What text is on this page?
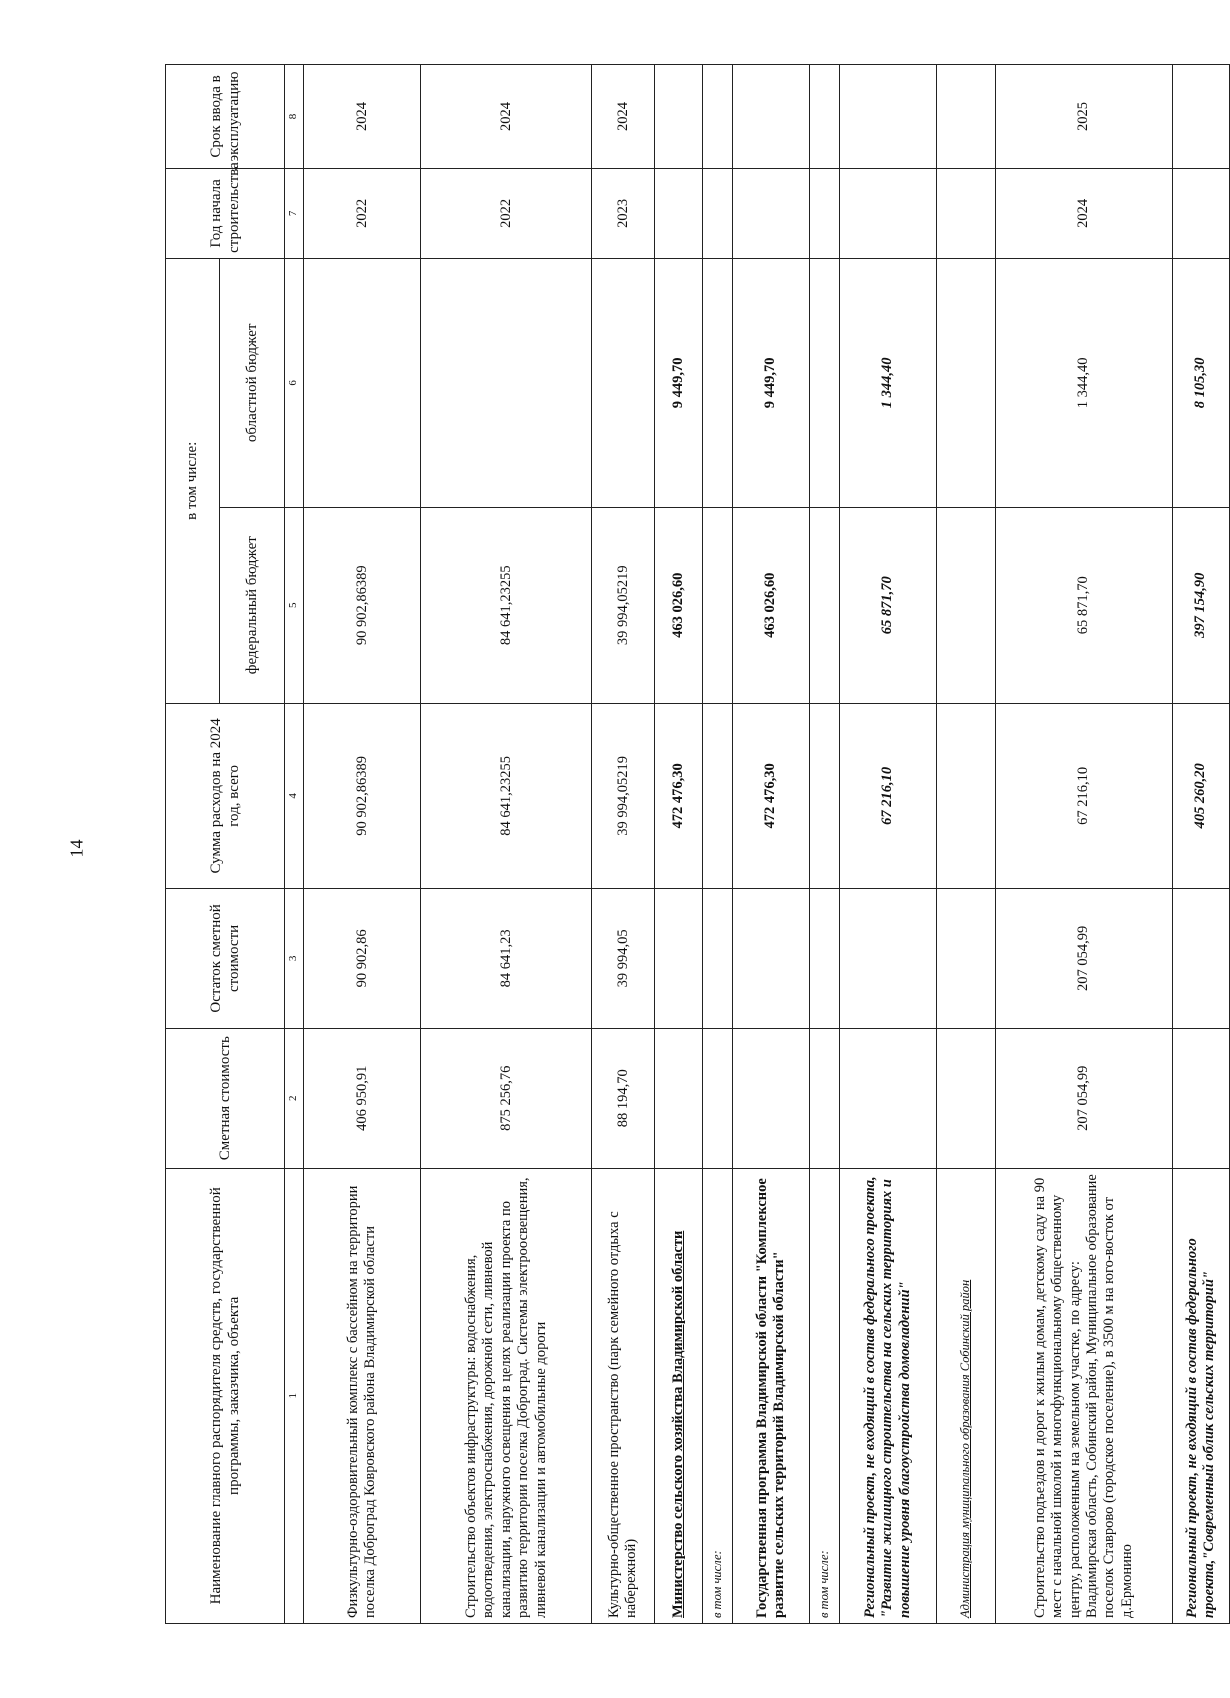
14
Наименование главного распорядителя средств, государственной программы, заказчика, объекта	Сметная стоимость	Остаток сметной стоимости	Сумма расходов на 2024 год, всего	в том числе:		Год начала строительства	Срок ввода в эксплуатацию
				федеральный бюджет	областной бюджет		
1	2	3	4	5	6	7	8
Физкультурно-оздоровительный комплекс с бассейном на территории поселка Доброград Ковровского района Владимирской области	406 950,91	90 902,86	90 902,86389	90 902,86389		2022	2024
Строительство объектов инфраструктуры: водоснабжения, водоотведения, электроснабжения, дорожной сети, ливневой канализации, наружного освещения в целях реализации проекта по развитию территории поселка Доброград. Системы электроосвещения, ливневой канализации и автомобильные дороги	875 256,76	84 641,23	84 641,23255	84 641,23255		2022	2024
Культурно-общественное пространство (парк семейного отдыха с набережной)	88 194,70	39 994,05	39 994,05219	39 994,05219		2023	2024
Министерство сельского хозяйства Владимирской области			472 476,30	463 026,60	9 449,70		
в том числе:							
Государственная программа Владимирской области "Комплексное развитие сельских территорий Владимирской области"			472 476,30	463 026,60	9 449,70		
в том числе:							
Региональный проект, не входящий в состав федерального проекта, "Развитие жилищного строительства на сельских территориях и повышение уровня благоустройства домовладений"			67 216,10	65 871,70	1 344,40		
Администрация муниципального образования Собинский район							
Строительство подъездов и дорог к жилым домам, детскому саду на 90 мест с начальной школой и многофункциональному общественному центру, расположенным на земельном участке, по адресу: Владимирская область, Собинский район, Муниципальное образование поселок Ставрово (городское поселение), в 3500 м на юго-восток от д.Ермонино	207 054,99	207 054,99	67 216,10	65 871,70	1 344,40	2024	2025
Региональный проект, не входящий в состав федерального проекта,"Современный облик сельских территорий"			405 260,20	397 154,90	8 105,30		
